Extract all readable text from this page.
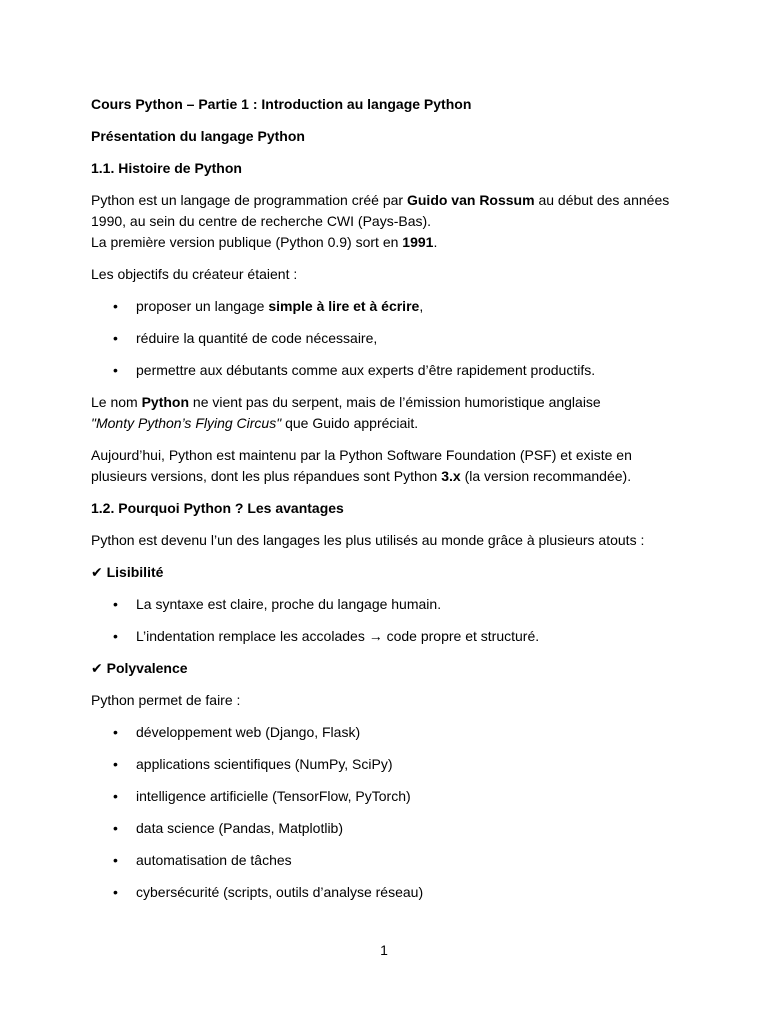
Cours Python – Partie 1 : Introduction au langage Python

Présentation du langage Python

1.1. Histoire de Python

Python est un langage de programmation créé par Guido van Rossum au début des années 1990, au sein du centre de recherche CWI (Pays-Bas).
La première version publique (Python 0.9) sort en 1991.

Les objectifs du créateur étaient :

• proposer un langage simple à lire et à écrire,
• réduire la quantité de code nécessaire,
• permettre aux débutants comme aux experts d’être rapidement productifs.

Le nom Python ne vient pas du serpent, mais de l’émission humoristique anglaise
"Monty Python’s Flying Circus" que Guido appréciait.

Aujourd’hui, Python est maintenu par la Python Software Foundation (PSF) et existe en plusieurs versions, dont les plus répandues sont Python 3.x (la version recommandée).

1.2. Pourquoi Python ? Les avantages

Python est devenu l’un des langages les plus utilisés au monde grâce à plusieurs atouts :

✔ Lisibilité

• La syntaxe est claire, proche du langage humain.
• L’indentation remplace les accolades → code propre et structuré.

✔ Polyvalence

Python permet de faire :

• développement web (Django, Flask)
• applications scientifiques (NumPy, SciPy)
• intelligence artificielle (TensorFlow, PyTorch)
• data science (Pandas, Matplotlib)
• automatisation de tâches
• cybersécurité (scripts, outils d’analyse réseau)
1
